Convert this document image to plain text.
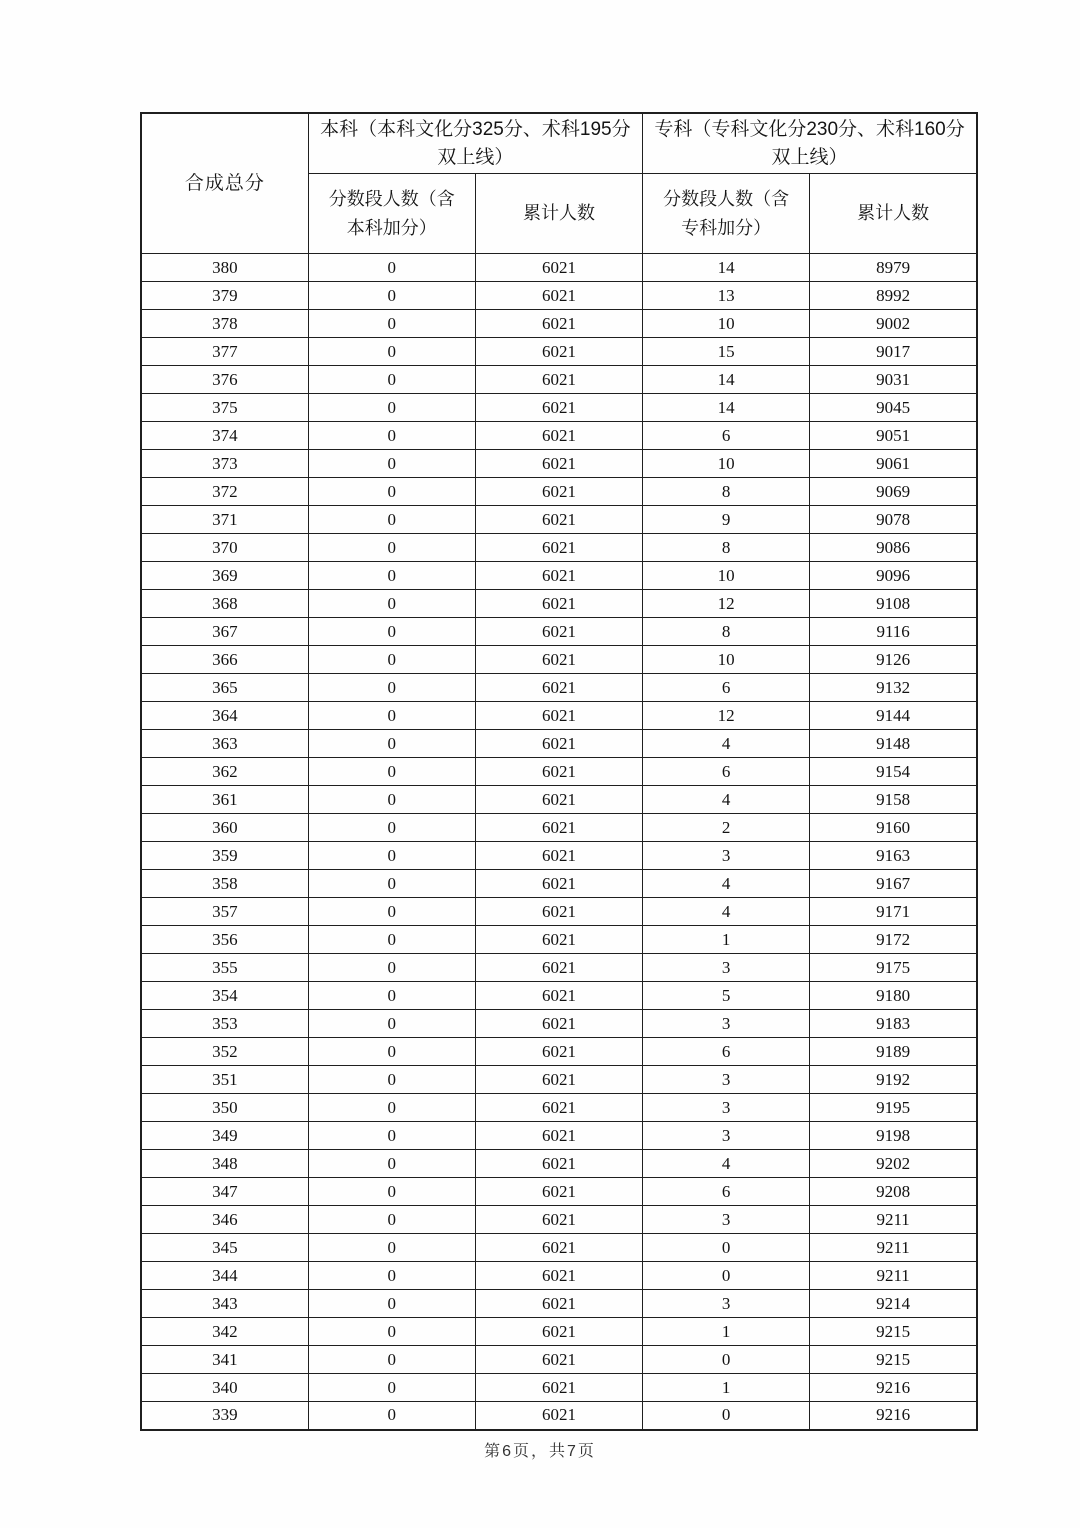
合成总分	本科（本科文化分325分、术科195分双上线）		专科（专科文化分230分、术科160分双上线）	
	分数段人数（含本科加分）	累计人数	分数段人数（含专科加分）	累计人数
380	0	6021	14	8979
379	0	6021	13	8992
378	0	6021	10	9002
377	0	6021	15	9017
376	0	6021	14	9031
375	0	6021	14	9045
374	0	6021	6	9051
373	0	6021	10	9061
372	0	6021	8	9069
371	0	6021	9	9078
370	0	6021	8	9086
369	0	6021	10	9096
368	0	6021	12	9108
367	0	6021	8	9116
366	0	6021	10	9126
365	0	6021	6	9132
364	0	6021	12	9144
363	0	6021	4	9148
362	0	6021	6	9154
361	0	6021	4	9158
360	0	6021	2	9160
359	0	6021	3	9163
358	0	6021	4	9167
357	0	6021	4	9171
356	0	6021	1	9172
355	0	6021	3	9175
354	0	6021	5	9180
353	0	6021	3	9183
352	0	6021	6	9189
351	0	6021	3	9192
350	0	6021	3	9195
349	0	6021	3	9198
348	0	6021	4	9202
347	0	6021	6	9208
346	0	6021	3	9211
345	0	6021	0	9211
344	0	6021	0	9211
343	0	6021	3	9214
342	0	6021	1	9215
341	0	6021	0	9215
340	0	6021	1	9216
339	0	6021	0	9216
第6页，共7页
